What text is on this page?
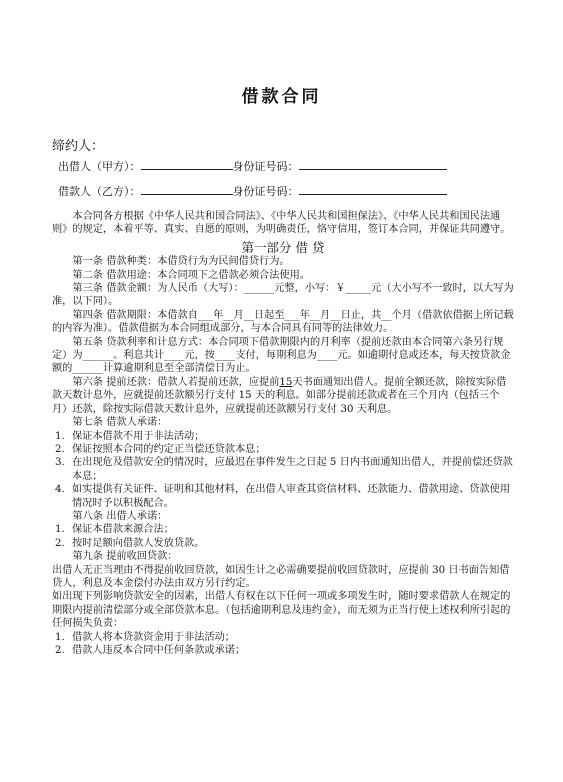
借款合同
缔约人：
出借人（甲方）：	身份证号码：
借款人（乙方）：	身份证号码：

本合同各方根据《中华人民共和国合同法》、《中华人民共和国担保法》、《中华人民共和国民法通则》的规定，本着平等、真实、自愿的原则，为明确责任，恪守信用，签订本合同，并保证共同遵守。

第一部分 借 贷

第一条 借款种类：本借贷行为为民间借贷行为。

第二条 借款用途：本合同项下之借款必须合法使用。

第三条 借款金额：为人民币（大写）：______元整，小写：￥_____元（大小写不一致时，以大写为准，以下同）。

第四条 借款期限：本借款自___年__月__日起至___年__月__日止，共__个月（借款依借据上所记载的内容为准）。借款借据为本合同组成部分，与本合同具有同等的法律效力。

第五条 贷款利率和计息方式：本合同项下借款期限内的月利率（提前还款由本合同第六条另行规定）为______。利息共计____元，按____支付，每期利息为____元。如逾期付息或还本，每天按贷款金额的______计算逾期利息至全部清偿日为止。

第六条 提前还款：借款人若提前还款，应提前15天书面通知出借人。提前全额还款，除按实际借款天数计息外，应就提前还款额另行支付 15 天的利息。如部分提前还款或者在三个月内（包括三个月）还款，除按实际借款天数计息外，应就提前还款额另行支付 30 天利息。

第七条 借款人承诺：

1. 保证本借款不用于非法活动；
2. 保证按照本合同的约定正当偿还贷款本息；
3. 在出现危及借款安全的情况时，应最迟在事件发生之日起 5 日内书面通知出借人，并提前偿还贷款本息；
4. 如实提供有关证件、证明和其他材料，在出借人审查其资信材料、还款能力、借款用途、贷款使用情况时予以积极配合。

第八条 出借人承诺：

1. 保证本借款来源合法；
2. 按时足额向借款人发放贷款。

第九条 提前收回贷款：

出借人无正当理由不得提前收回贷款，如因生计之必需确要提前收回贷款时，应提前 30 日书面告知借贷人，利息及本金偿付办法由双方另行约定。

如出现下列影响贷款安全的因素，出借人有权在以下任何一项或多项发生时，随时要求借款人在规定的期限内提前清偿部分或全部贷款本息。（包括逾期利息及违约金），而无须为正当行使上述权利所引起的任何损失负责：

1. 借款人将本贷款资金用于非法活动；
2. 借款人违反本合同中任何条款或承诺；
